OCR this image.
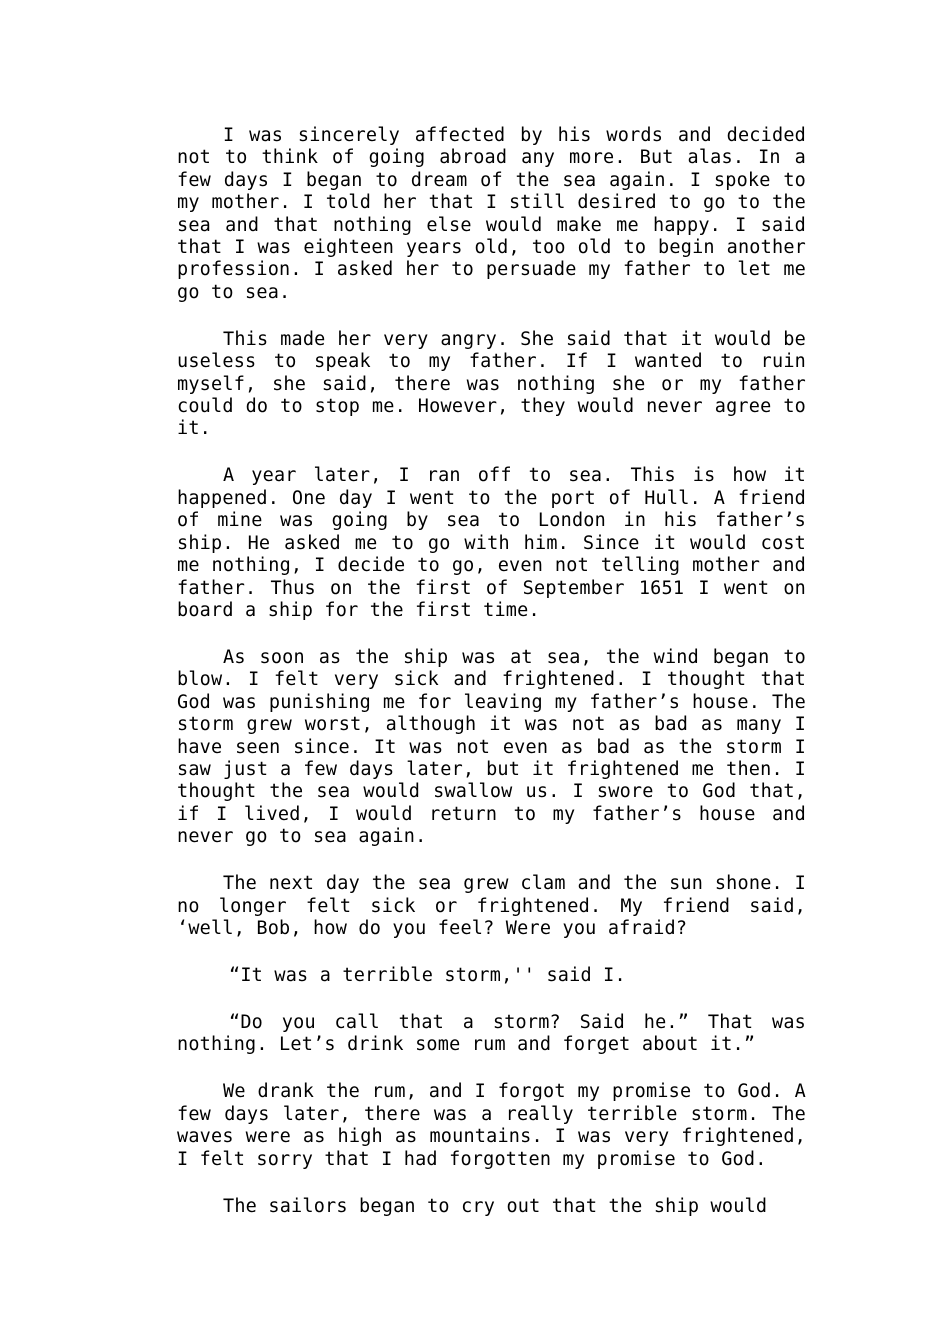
I was sincerely affected by his words and decided not to think of going abroad any more. But alas. In a few days I began to dream of the sea again. I spoke to my mother. I told her that I still desired to go to the sea and that nothing else would make me happy. I said that I was eighteen years old, too old to begin another profession. I asked her to persuade my father to let me go to sea.

This made her very angry. She said that it would be useless to speak to my father. If I wanted to ruin myself, she said, there was nothing she or my father could do to stop me. However, they would never agree to it.

A year later, I ran off to sea. This is how it happened. One day I went to the port of Hull. A friend of mine was going by sea to London in his father’s ship. He asked me to go with him. Since it would cost me nothing, I decide to go, even not telling mother and father. Thus on the first of September 1651 I went on board a ship for the first time.

As soon as the ship was at sea, the wind began to blow. I felt very sick and frightened. I thought that God was punishing me for leaving my father’s house. The storm grew worst, although it was not as bad as many I have seen since. It was not even as bad as the storm I saw just a few days later, but it frightened me then. I thought the sea would swallow us. I swore to God that, if I lived, I would return to my father’s house and never go to sea again.

The next day the sea grew clam and the sun shone. I no longer felt sick or frightened. My friend said, ‘well, Bob, how do you feel? Were you afraid?

“It was a terrible storm,'' said I.

“Do you call that a storm? Said he.” That was nothing. Let’s drink some rum and forget about it.”

We drank the rum, and I forgot my promise to God. A few days later, there was a really terrible storm. The waves were as high as mountains. I was very frightened, I felt sorry that I had forgotten my promise to God.

The sailors began to cry out that the ship would
